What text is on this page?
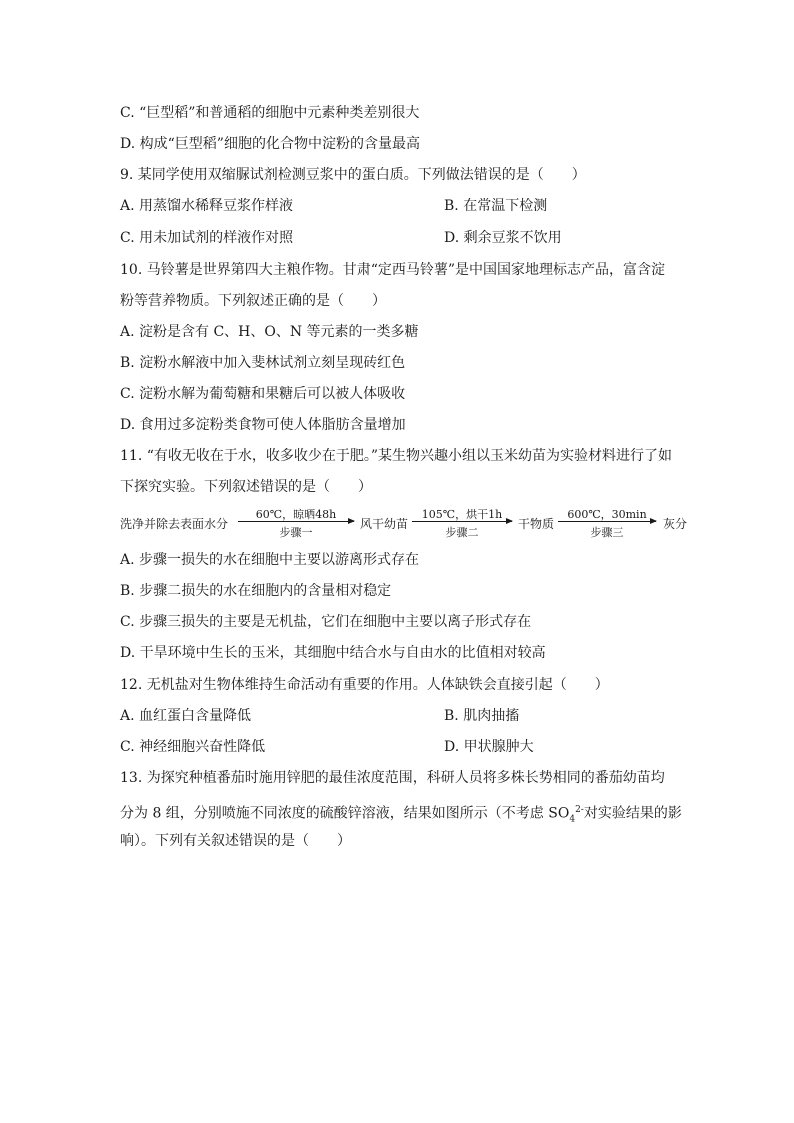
C. “巨型稻”和普通稻的细胞中元素种类差别很大
D. 构成“巨型稻”细胞的化合物中淀粉的含量最高
9. 某同学使用双缩脲试剂检测豆浆中的蛋白质。下列做法错误的是（　　）
A. 用蒸馏水稀释豆浆作样液	B. 在常温下检测
C. 用未加试剂的样液作对照	D. 剩余豆浆不饮用
10. 马铃薯是世界第四大主粮作物。甘肃“定西马铃薯”是中国国家地理标志产品，富含淀
粉等营养物质。下列叙述正确的是（　　）
A. 淀粉是含有 C、H、O、N 等元素的一类多糖
B. 淀粉水解液中加入斐林试剂立刻呈现砖红色
C. 淀粉水解为葡萄糖和果糖后可以被人体吸收
D. 食用过多淀粉类食物可使人体脂肪含量增加
11. “有收无收在于水，收多收少在于肥。”某生物兴趣小组以玉米幼苗为实验材料进行了如
下探究实验。下列叙述错误的是（　　）
洗净并除去表面水分
60℃，晾晒48h
步骤一
风干幼苗
105℃，烘干1h
步骤二
干物质
600℃，30min
步骤三
灰分
A. 步骤一损失的水在细胞中主要以游离形式存在
B. 步骤二损失的水在细胞内的含量相对稳定
C. 步骤三损失的主要是无机盐，它们在细胞中主要以离子形式存在
D. 干旱环境中生长的玉米，其细胞中结合水与自由水的比值相对较高
12. 无机盐对生物体维持生命活动有重要的作用。人体缺铁会直接引起（　　）
A. 血红蛋白含量降低	B. 肌肉抽搐
C. 神经细胞兴奋性降低	D. 甲状腺肿大
13. 为探究种植番茄时施用锌肥的最佳浓度范围，科研人员将多株长势相同的番茄幼苗均
分为 8 组，分别喷施不同浓度的硫酸锌溶液，结果如图所示（不考虑 $SO_4^{2-}$对实验结果的影
响）。下列有关叙述错误的是（　　）
